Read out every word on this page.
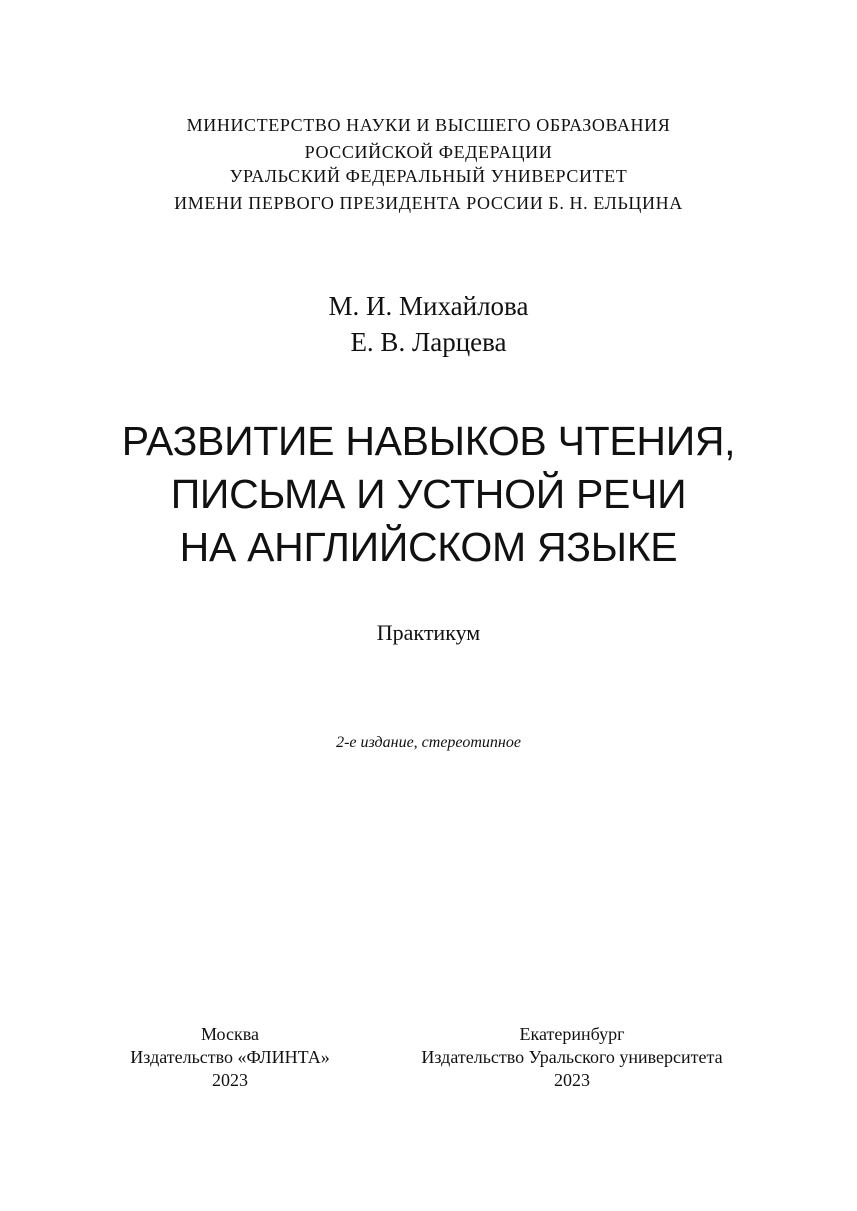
МИНИСТЕРСТВО НАУКИ И ВЫСШЕГО ОБРАЗОВАНИЯ
РОССИЙСКОЙ ФЕДЕРАЦИИ
УРАЛЬСКИЙ ФЕДЕРАЛЬНЫЙ УНИВЕРСИТЕТ
ИМЕНИ ПЕРВОГО ПРЕЗИДЕНТА РОССИИ Б. Н. ЕЛЬЦИНА
М. И. Михайлова
Е. В. Ларцева
РАЗВИТИЕ НАВЫКОВ ЧТЕНИЯ,
ПИСЬМА И УСТНОЙ РЕЧИ
НА АНГЛИЙСКОМ ЯЗЫКЕ
Практикум
2-е издание, стереотипное
Москва
Издательство «ФЛИНТА»
2023
Екатеринбург
Издательство Уральского университета
2023
